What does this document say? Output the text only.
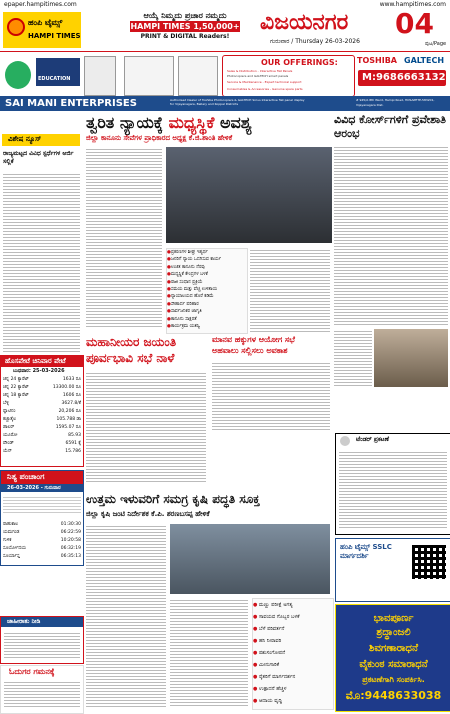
epaper.hampitimes.com	www.hampitimes.com
ಹಂಪಿ ಟೈಮ್ಸ್
HAMPI TIMES
ಆಯ್ಕೆ ನಿಮ್ಮದು ಪ್ರಚಾರ ನಮ್ಮದು
HAMPI TIMES 1,50,000+
PRINT & DIGITAL Readers!
ವಿಜಯನಗರ
ಗುರುವಾರ / Thursday 26-03-2026
04
ಪುಟ/Page
EDUCATION
OUR OFFERINGS:
Sales & Distribution - Interactive flat Panels
Photocopiers and GALTECH smart panels
Service & Maintenance - Expert technical support
Consumables & Accessories - Genuine spare parts
TOSHIBA GALTECH
M:9686663132
SAI MANI ENTERPRISES	Authorised Dealer of Toshiba Photocopiers & GALTECH Sirius Interactive flat panel display for Vijayanagara, Bellary and Koppal Districts
# 945/A 8th Ward, Hampi Road, HOSAPETE-583201, Vijayanagara Dist.
ವಿಶೇಷ ನ್ಯೂಸ್
ರಾಜ್ಯಮಟ್ಟದ ವಿವಿಧ ಸ್ಪರ್ಧೆಗಳ ಅರ್ಜಿ ಸಲ್ಲಿಕೆ
ಹೊಸಪೇಟೆ ಚಿನಿವಾರ ಪೇಟೆ
ಬುಧವಾರ: 25-03-2026
ಚಿನ್ನ 24 ಕ್ಯಾರೆಟ್	1633 ರೂ
ಚಿನ್ನ 22 ಕ್ಯಾರೆಟ್	13300.00 ರೂ
ಚಿನ್ನ 18 ಕ್ಯಾರೆಟ್	1606 ರೂ
ಬೆಳ್ಳಿ	3627.8/ಕೆ
ಪ್ಲಾಟಿನಂ	20,206 ರೂ
ಕಚ್ಚಾತೈಲ	105.788 ಡಾ
ಡಾಲರ್	1595.07 ರೂ
ಯೂರೋ	85.93
ಪೌಂಡ್	6591 ಕ್ಕೆ
ಯೆನ್	15.786
ನಿತ್ಯ ಪಂಚಾಂಗ
26-03-2026 - ಗುರುವಾರ
ರಾಹುಕಾಲ	01:30:30
ಯಮಗಂಡ	06:22:59
ಗುಳಿಕ	10:20:58
ಸೂರ್ಯೋದಯ	06:32:19
ಸೂರ್ಯಾಸ್ತ	06:35:13
ಜಾಹೀರಾತು ನೀಡಿ
ಓದುಗರ ಗಮನಕ್ಕೆ
ತ್ವರಿತ ನ್ಯಾಯಕ್ಕೆ ಮಧ್ಯಸ್ಥಿಕೆ ಅವಶ್ಯ
ಜಿಲ್ಲಾ ಕಾನೂನು ಸೇವೆಗಳ ಪ್ರಾಧಿಕಾರದ ಅಧ್ಯಕ್ಷ ಕೆ.ಜಿ.ಶಾಂತಿ ಹೇಳಿಕೆ
● ಪ್ರಕರಣಗಳ ಶೀಘ್ರ ಇತ್ಯರ್ಥ
● ಜನರಿಗೆ ನ್ಯಾಯ ಒದಗಿಸುವ ಕಾರ್ಯ
● ಉಚಿತ ಕಾನೂನು ನೆರವು
● ಮಧ್ಯಸ್ಥಿಕೆ ಕೇಂದ್ರಗಳ ಬಳಕೆ
● ರಾಜಿ ಸಂಧಾನ ಪ್ರಕ್ರಿಯೆ
● ಸಮಯ ಮತ್ತು ವೆಚ್ಚ ಉಳಿತಾಯ
● ನ್ಯಾಯಾಲಯದ ಹೊರೆ ಕಡಿಮೆ
● ಸೌಹಾರ್ದ ಪರಿಹಾರ
● ಸಾರ್ವಜನಿಕರ ಜಾಗೃತಿ
● ಕಾನೂನು ಸಾಕ್ಷರತೆ
● ಕಾರ್ಯಕ್ರಮ ಯಶಸ್ವಿ
ವಿವಿಧ ಕೋರ್ಸ್‌ಗಳಿಗೆ ಪ್ರವೇಶಾತಿ ಆರಂಭ
ಮಹಾನೀಯರ ಜಯಂತಿ
ಪೂರ್ವಭಾವಿ ಸಭೆ ನಾಳೆ
ಮಾನವ ಹಕ್ಕುಗಳ ಆಯೋಗ ಸಭೆ
ಅಹವಾಲು ಸಲ್ಲಿಸಲು ಅವಕಾಶ
ಟೆಂಡರ್ ಪ್ರಕಟಣೆ
ಉತ್ತಮ ಇಳುವರಿಗೆ ಸಮಗ್ರ ಕೃಷಿ ಪದ್ಧತಿ ಸೂಕ್ತ
ಜಿಲ್ಲಾ ಕೃಷಿ ಜಂಟಿ ನಿರ್ದೇಶಕ ಕೆ.ಪಿ. ಶರಣಬಸಪ್ಪ ಹೇಳಿಕೆ
● ಮಣ್ಣು ಪರೀಕ್ಷೆ ಅಗತ್ಯ
● ಸಾವಯವ ಗೊಬ್ಬರ ಬಳಕೆ
● ಬೆಳೆ ಪರಿವರ್ತನೆ
● ಹನಿ ನೀರಾವರಿ
● ಪಶುಸಂಗೋಪನೆ
● ಮೀನುಗಾರಿಕೆ
● ರೈತರಿಗೆ ಮಾರ್ಗದರ್ಶನ
● ಉತ್ಪಾದನೆ ಹೆಚ್ಚಳ
● ಆದಾಯ ವೃದ್ಧಿ
ಹಂಪಿ ಟೈಮ್ಸ್ SSLC ಮಾರ್ಗದರ್ಶಿ
ಭಾವಪೂರ್ಣ
ಶ್ರದ್ಧಾಂಜಲಿ
ಶಿವಗಣಾರಾಧನೆ
ವೈಕುಂಠ ಸಮಾರಾಧನೆ
ಪ್ರಕಟಣೆಗಾಗಿ ಸಂಪರ್ಕಿಸಿ.
ಮೊ:9448633038
